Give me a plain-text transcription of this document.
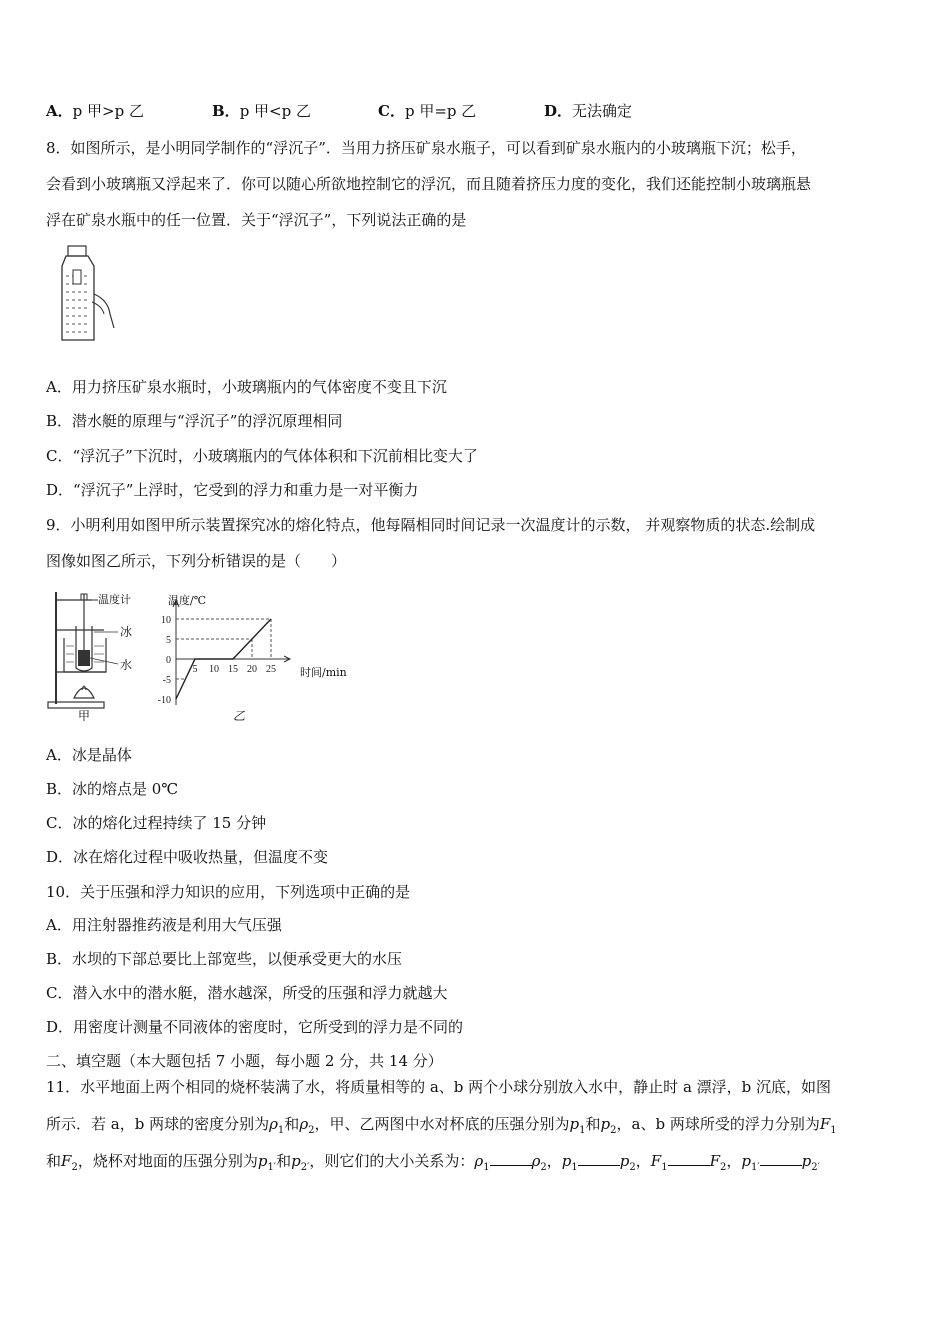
A．p 甲>p 乙	B．p 甲<p 乙	C．p 甲=p 乙	D．无法确定
8．如图所示，是小明同学制作的“浮沉子”．当用力挤压矿泉水瓶子，可以看到矿泉水瓶内的小玻璃瓶下沉；松手，
会看到小玻璃瓶又浮起来了．你可以随心所欲地控制它的浮沉，而且随着挤压力度的变化，我们还能控制小玻璃瓶悬
浮在矿泉水瓶中的任一位置．关于“浮沉子”，下列说法正确的是
A．用力挤压矿泉水瓶时，小玻璃瓶内的气体密度不变且下沉
B．潜水艇的原理与“浮沉子”的浮沉原理相同
C．“浮沉子”下沉时，小玻璃瓶内的气体体积和下沉前相比变大了
D．“浮沉子”上浮时，它受到的浮力和重力是一对平衡力
9．小明利用如图甲所示装置探究冰的熔化特点，他每隔相同时间记录一次温度计的示数， 并观察物质的状态.绘制成
图像如图乙所示，下列分析错误的是（　　）
温度计
冰
水
甲
5 10 15 20 25
10
5
0
-5
-10
温度/℃
时间/min
乙
A．冰是晶体
B．冰的熔点是 0℃
C．冰的熔化过程持续了 15 分钟
D．冰在熔化过程中吸收热量，但温度不变
10．关于压强和浮力知识的应用，下列选项中正确的是
A．用注射器推药液是利用大气压强
B．水坝的下部总要比上部宽些，以便承受更大的水压
C．潜入水中的潜水艇，潜水越深，所受的压强和浮力就越大
D．用密度计测量不同液体的密度时，它所受到的浮力是不同的
二、填空题（本大题包括 7 小题，每小题 2 分，共 14 分）
11．水平地面上两个相同的烧杯装满了水，将质量相等的 a、b 两个小球分别放入水中，静止时 a 漂浮，b 沉底，如图
所示．若 a，b 两球的密度分别为$\rho_1$和$\rho_2$，甲、乙两图中水对杯底的压强分别为$p_1$和$p_2$，a、b 两球所受的浮力分别为$F_1$
和$F_2$，烧杯对地面的压强分别为$p_{1'}$和$p_{2'}$，则它们的大小关系为：$\rho_1$	$\rho_2$，$p_1$	$p_2$，$F_1$	$F_2$，$p_{1'}$	$p_{2'}$
